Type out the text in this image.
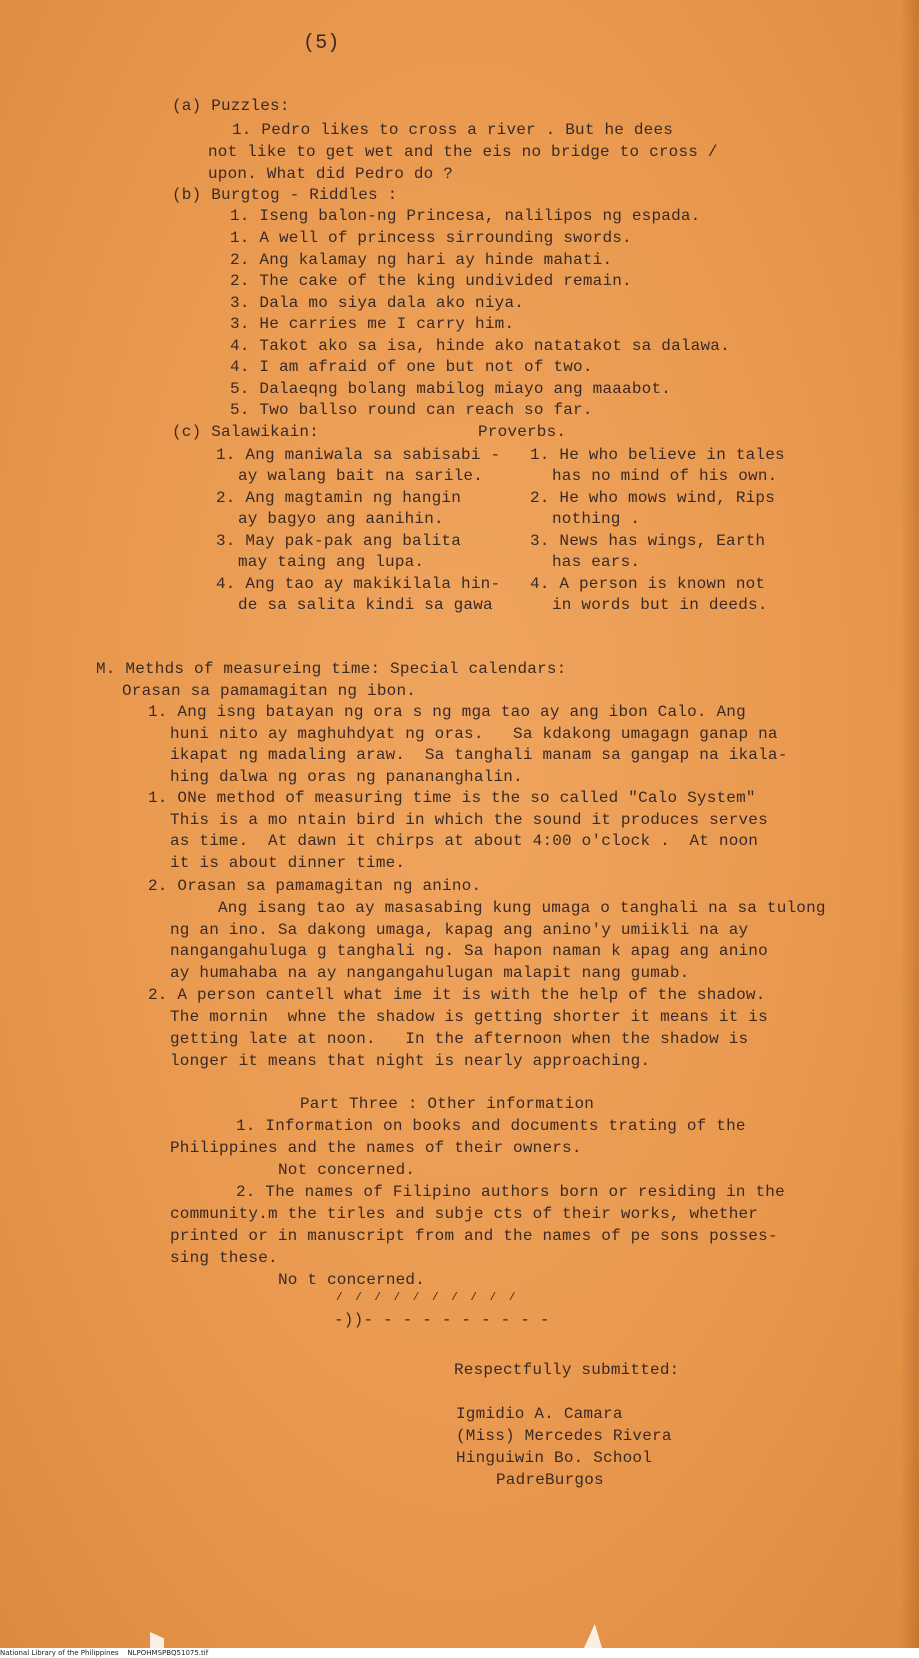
(5)
(a) Puzzles:
1. Pedro likes to cross a river . But he dees
not like to get wet and the eis no bridge to cross /
upon. What did Pedro do ?
(b) Burgtog - Riddles :
1. Iseng balon-ng Princesa, nalilipos ng espada.
1. A well of princess sirrounding swords.
2. Ang kalamay ng hari ay hinde mahati.
2. The cake of the king undivided remain.
3. Dala mo siya dala ako niya.
3. He carries me I carry him.
4. Takot ako sa isa, hinde ako natatakot sa dalawa.
4. I am afraid of one but not of two.
5. Dalaeqng bolang mabilog miayo ang maaabot.
5. Two ballso round can reach so far.
(c) Salawikain:	Proverbs.
1. Ang maniwala sa sabisabi -
ay walang bait na sarile.
2. Ang magtamin ng hangin
ay bagyo ang aanihin.
3. May pak-pak ang balita
may taing ang lupa.
4. Ang tao ay makikilala hin-
de sa salita kindi sa gawa
1. He who believe in tales
has no mind of his own.
2. He who mows wind, Rips
nothing .
3. News has wings, Earth
has ears.
4. A person is known not
in words but in deeds.
M. Methds of measureing time: Special calendars:
Orasan sa pamamagitan ng ibon.
1. Ang isng batayan ng ora s ng mga tao ay ang ibon Calo. Ang
huni nito ay maghuhdyat ng oras.   Sa kdakong umagagn ganap na
ikapat ng madaling araw.  Sa tanghali manam sa gangap na ikala-
hing dalwa ng oras ng panananghalin.
1. ONe method of measuring time is the so called "Calo System"
This is a mo ntain bird in which the sound it produces serves
as time.  At dawn it chirps at about 4:00 o'clock .  At noon
it is about dinner time.
2. Orasan sa pamamagitan ng anino.
Ang isang tao ay masasabing kung umaga o tanghali na sa tulong
ng an ino. Sa dakong umaga, kapag ang anino'y umiikli na ay
nangangahuluga g tanghali ng. Sa hapon naman k apag ang anino
ay humahaba na ay nangangahulugan malapit nang gumab.
2. A person cantell what ime it is with the help of the shadow.
The mornin  whne the shadow is getting shorter it means it is
getting late at noon.   In the afternoon when the shadow is
longer it means that night is nearly approaching.
Part Three : Other information
1. Information on books and documents trating of the
Philippines and the names of their owners.
Not concerned.
2. The names of Filipino authors born or residing in the
community.m the tirles and subje cts of their works, whether
printed or in manuscript from and the names of pe sons posses-
sing these.
No t concerned.
/ / / / / / / / / /
-))- - - - - - - - - -
Respectfully submitted:
Igmidio A. Camara
(Miss) Mercedes Rivera
Hinguiwin Bo. School
PadreBurgos
National Library of the Philippines    NLPOHMSPBQ51075.tif
